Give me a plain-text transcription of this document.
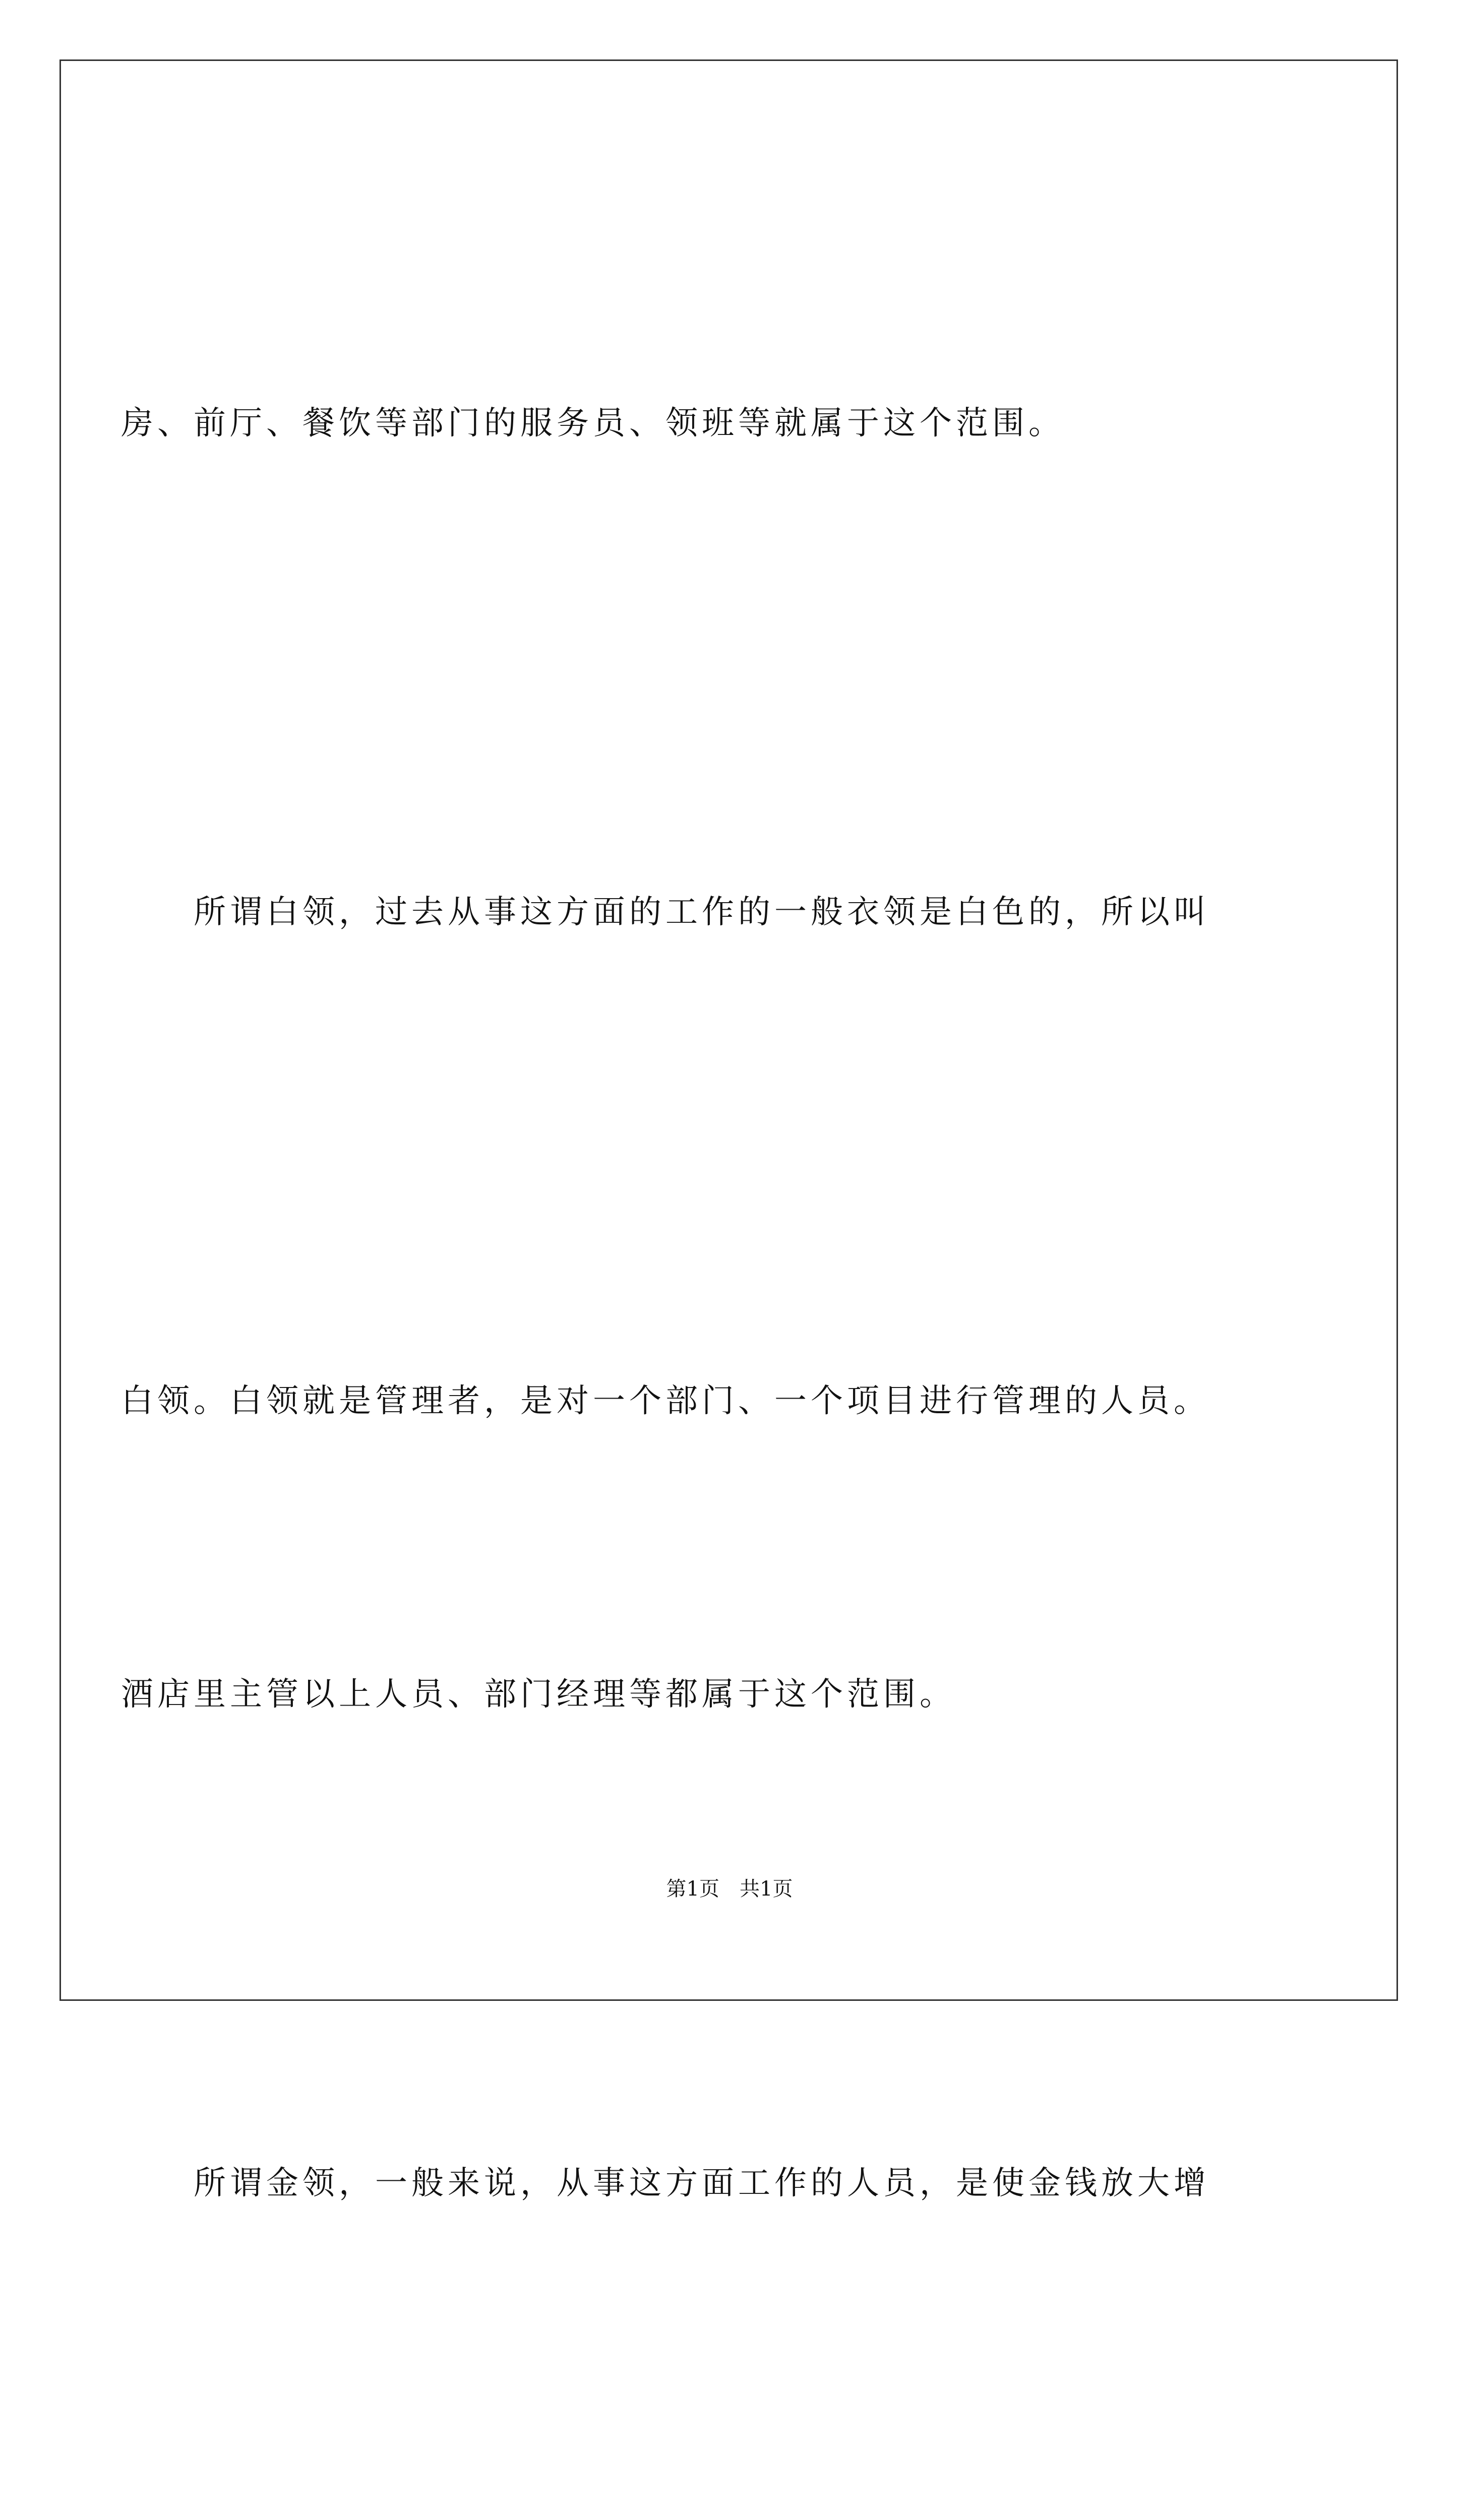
房、前厅、餐饮等部门的服务员、领班等就属于这个范围。

所谓白领，过去从事这方面的工作的一般衣领是白色的，所以叫

白领。白领就是管理者，是对一个部门、一个项目进行管理的人员。

酒店里主管以上人员、部门经理等都属于这个范围。

所谓金领，一般来说，从事这方面工作的人员，是使金钱放大增

第1页 共1页
